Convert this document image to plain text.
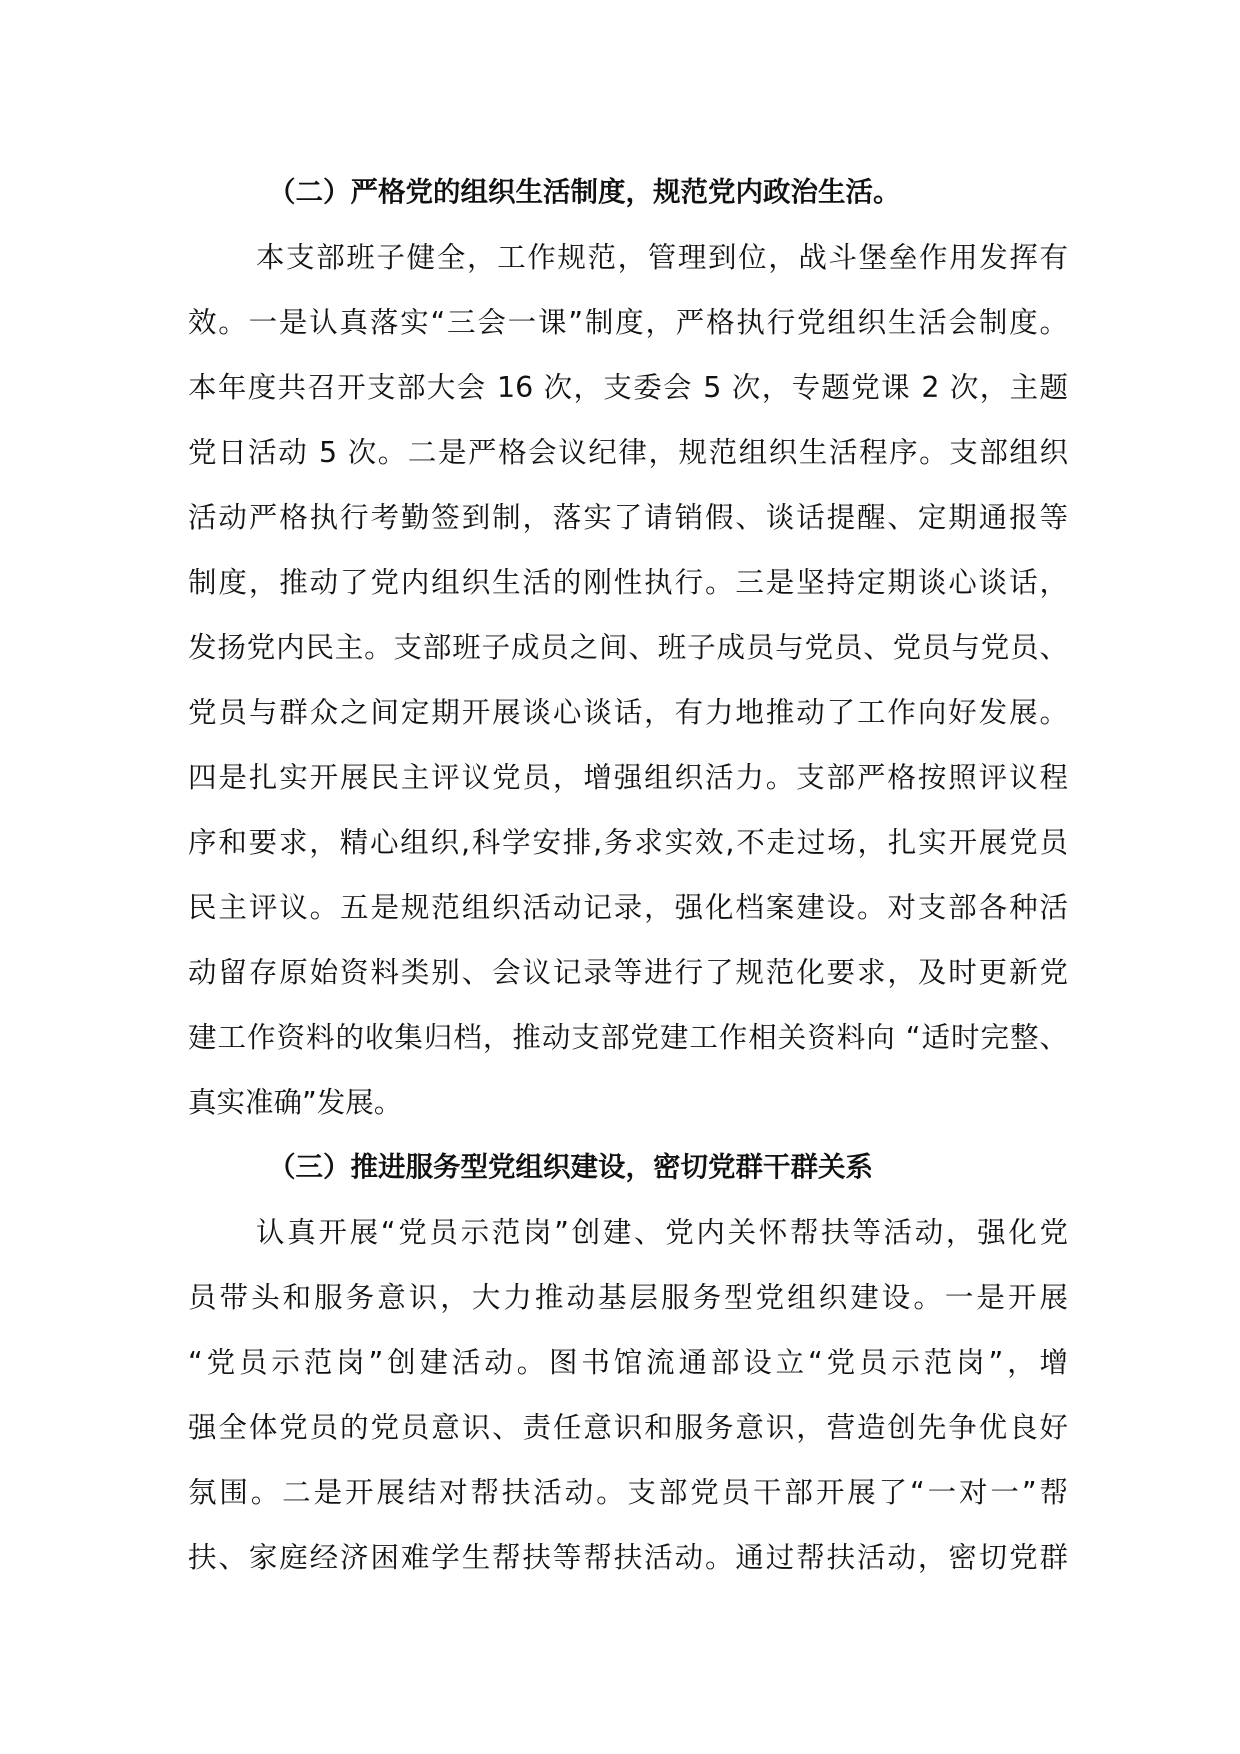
（二）严格党的组织生活制度，规范党内政治生活。

本支部班子健全，工作规范，管理到位，战斗堡垒作用发挥有
效。一是认真落实“三会一课”制度，严格执行党组织生活会制度。
本年度共召开支部大会 16 次，支委会 5 次，专题党课 2 次，主题
党日活动 5 次。二是严格会议纪律，规范组织生活程序。支部组织
活动严格执行考勤签到制，落实了请销假、谈话提醒、定期通报等
制度，推动了党内组织生活的刚性执行。三是坚持定期谈心谈话，
发扬党内民主。支部班子成员之间、班子成员与党员、党员与党员、
党员与群众之间定期开展谈心谈话，有力地推动了工作向好发展。
四是扎实开展民主评议党员，增强组织活力。支部严格按照评议程
序和要求，精心组织,科学安排,务求实效,不走过场，扎实开展党员
民主评议。五是规范组织活动记录，强化档案建设。对支部各种活
动留存原始资料类别、会议记录等进行了规范化要求，及时更新党
建工作资料的收集归档，推动支部党建工作相关资料向 “适时完整、
真实准确”发展。

（三）推进服务型党组织建设，密切党群干群关系

认真开展“党员示范岗”创建、党内关怀帮扶等活动，强化党
员带头和服务意识，大力推动基层服务型党组织建设。一是开展
“党员示范岗”创建活动。图书馆流通部设立“党员示范岗”，增
强全体党员的党员意识、责任意识和服务意识，营造创先争优良好
氛围。二是开展结对帮扶活动。支部党员干部开展了“一对一”帮
扶、家庭经济困难学生帮扶等帮扶活动。通过帮扶活动，密切党群
